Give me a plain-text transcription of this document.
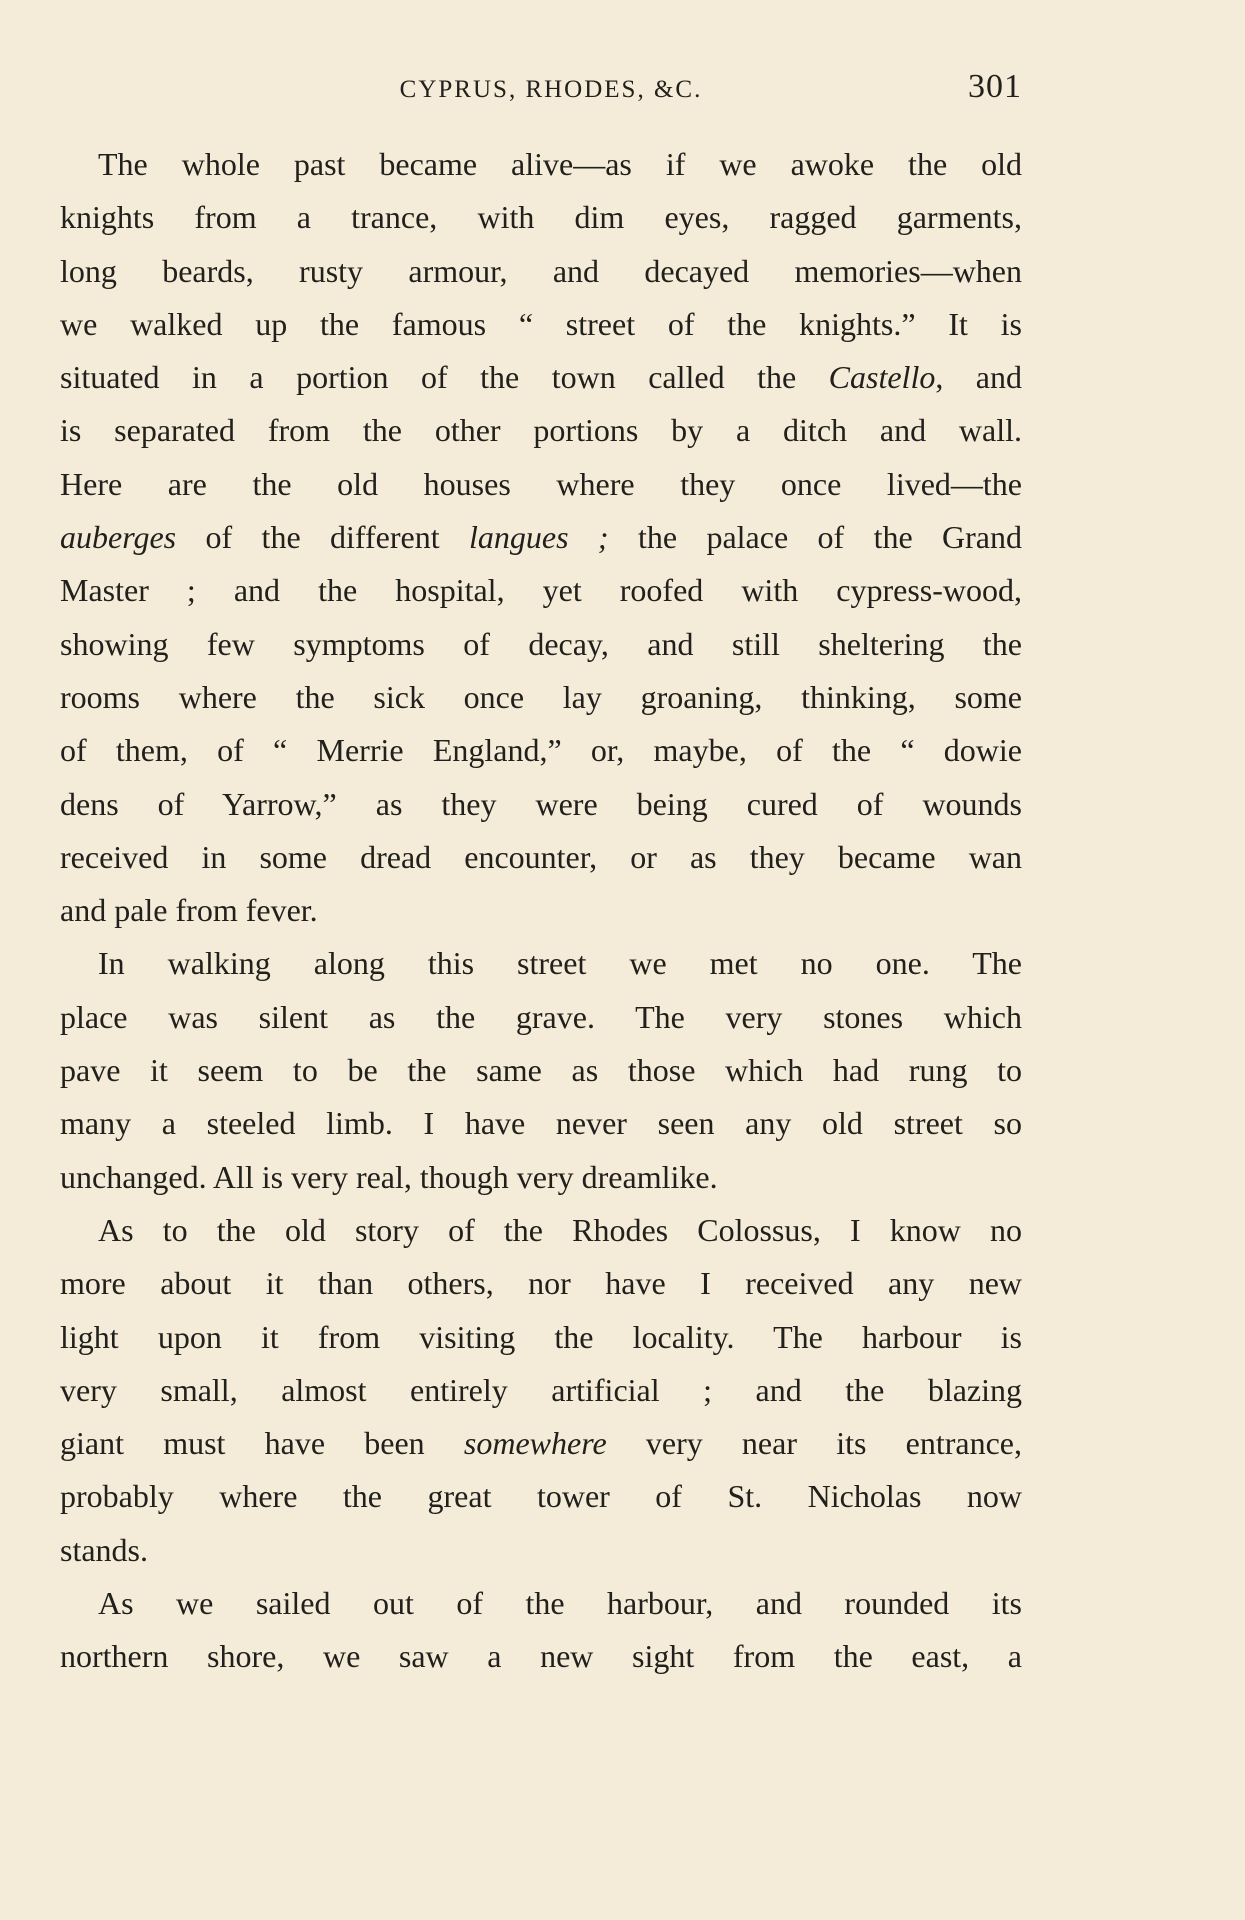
CYPRUS, RHODES, &C.	301
The whole past became alive—as if we awoke the old
knights from a trance, with dim eyes, ragged garments,
long beards, rusty armour, and decayed memories—when
we walked up the famous “ street of the knights.” It is
situated in a portion of the town called the Castello, and
is separated from the other portions by a ditch and wall.
Here are the old houses where they once lived—the
auberges of the different langues ; the palace of the Grand
Master ; and the hospital, yet roofed with cypress-wood,
showing few symptoms of decay, and still sheltering the
rooms where the sick once lay groaning, thinking, some
of them, of “ Merrie England,” or, maybe, of the “ dowie
dens of Yarrow,” as they were being cured of wounds
received in some dread encounter, or as they became wan
and pale from fever.
In walking along this street we met no one. The
place was silent as the grave. The very stones which
pave it seem to be the same as those which had rung to
many a steeled limb. I have never seen any old street so
unchanged. All is very real, though very dreamlike.
As to the old story of the Rhodes Colossus, I know no
more about it than others, nor have I received any new
light upon it from visiting the locality. The harbour is
very small, almost entirely artificial ; and the blazing
giant must have been somewhere very near its entrance,
probably where the great tower of St. Nicholas now
stands.
As we sailed out of the harbour, and rounded its
northern shore, we saw a new sight from the east, a
